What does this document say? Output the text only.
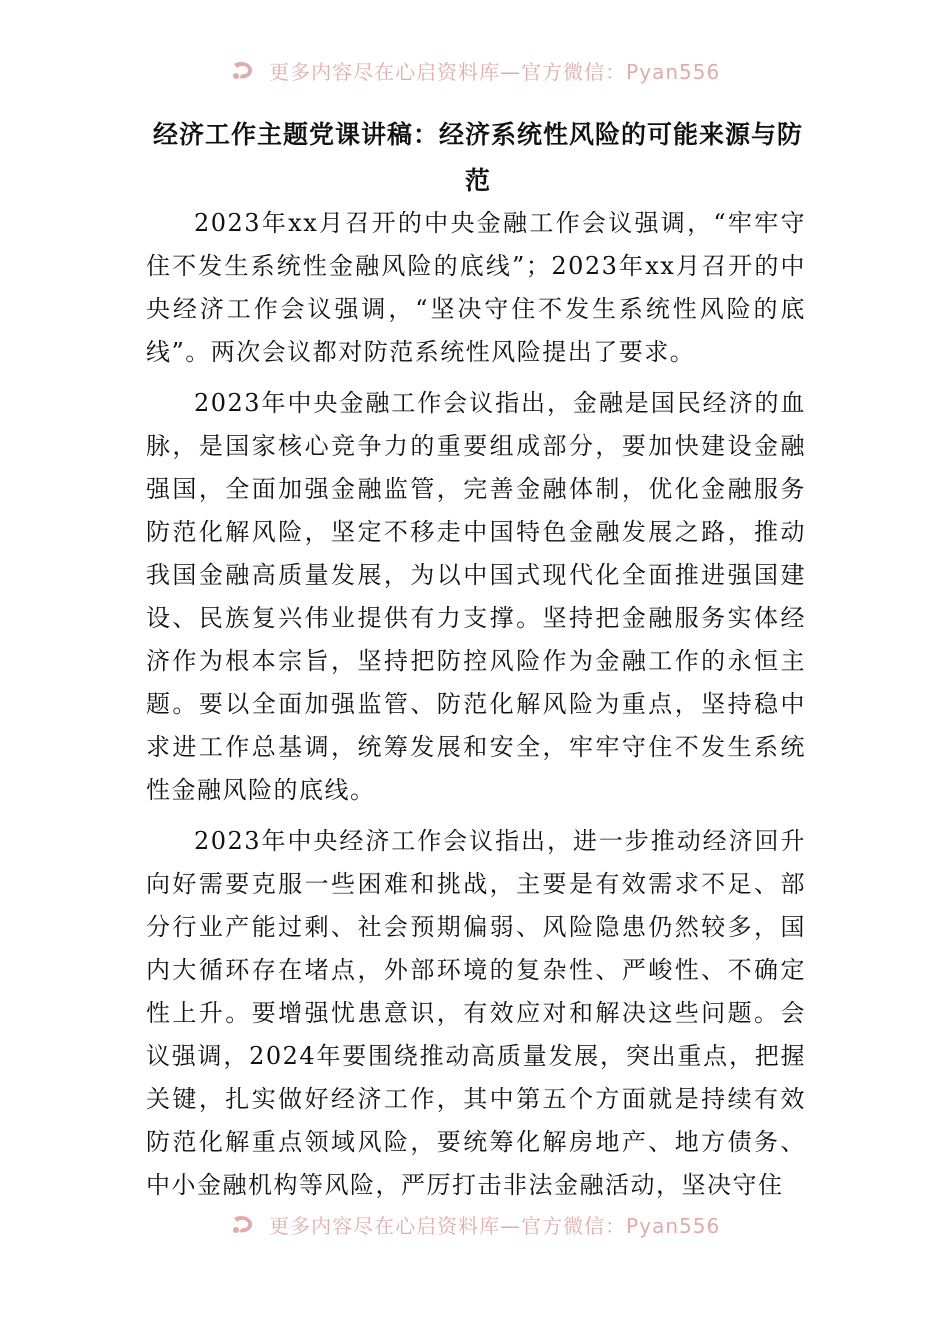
更多内容尽在心启资料库—官方微信：Pyan556
经济工作主题党课讲稿：经济系统性风险的可能来源与防范

2023年xx月召开的中央金融工作会议强调，“牢牢守住不发生系统性金融风险的底线”；2023年xx月召开的中央经济工作会议强调，“坚决守住不发生系统性风险的底线”。两次会议都对防范系统性风险提出了要求。

2023年中央金融工作会议指出，金融是国民经济的血脉，是国家核心竞争力的重要组成部分，要加快建设金融强国，全面加强金融监管，完善金融体制，优化金融服务防范化解风险，坚定不移走中国特色金融发展之路，推动我国金融高质量发展，为以中国式现代化全面推进强国建设、民族复兴伟业提供有力支撑。坚持把金融服务实体经济作为根本宗旨，坚持把防控风险作为金融工作的永恒主题。要以全面加强监管、防范化解风险为重点，坚持稳中求进工作总基调，统筹发展和安全，牢牢守住不发生系统性金融风险的底线。

2023年中央经济工作会议指出，进一步推动经济回升向好需要克服一些困难和挑战，主要是有效需求不足、部分行业产能过剩、社会预期偏弱、风险隐患仍然较多，国内大循环存在堵点，外部环境的复杂性、严峻性、不确定性上升。要增强忧患意识，有效应对和解决这些问题。会议强调，2024年要围绕推动高质量发展，突出重点，把握关键，扎实做好经济工作，其中第五个方面就是持续有效防范化解重点领域风险，要统筹化解房地产、地方债务、中小金融机构等风险，严厉打击非法金融活动，坚决守住

更多内容尽在心启资料库—官方微信：Pyan556
